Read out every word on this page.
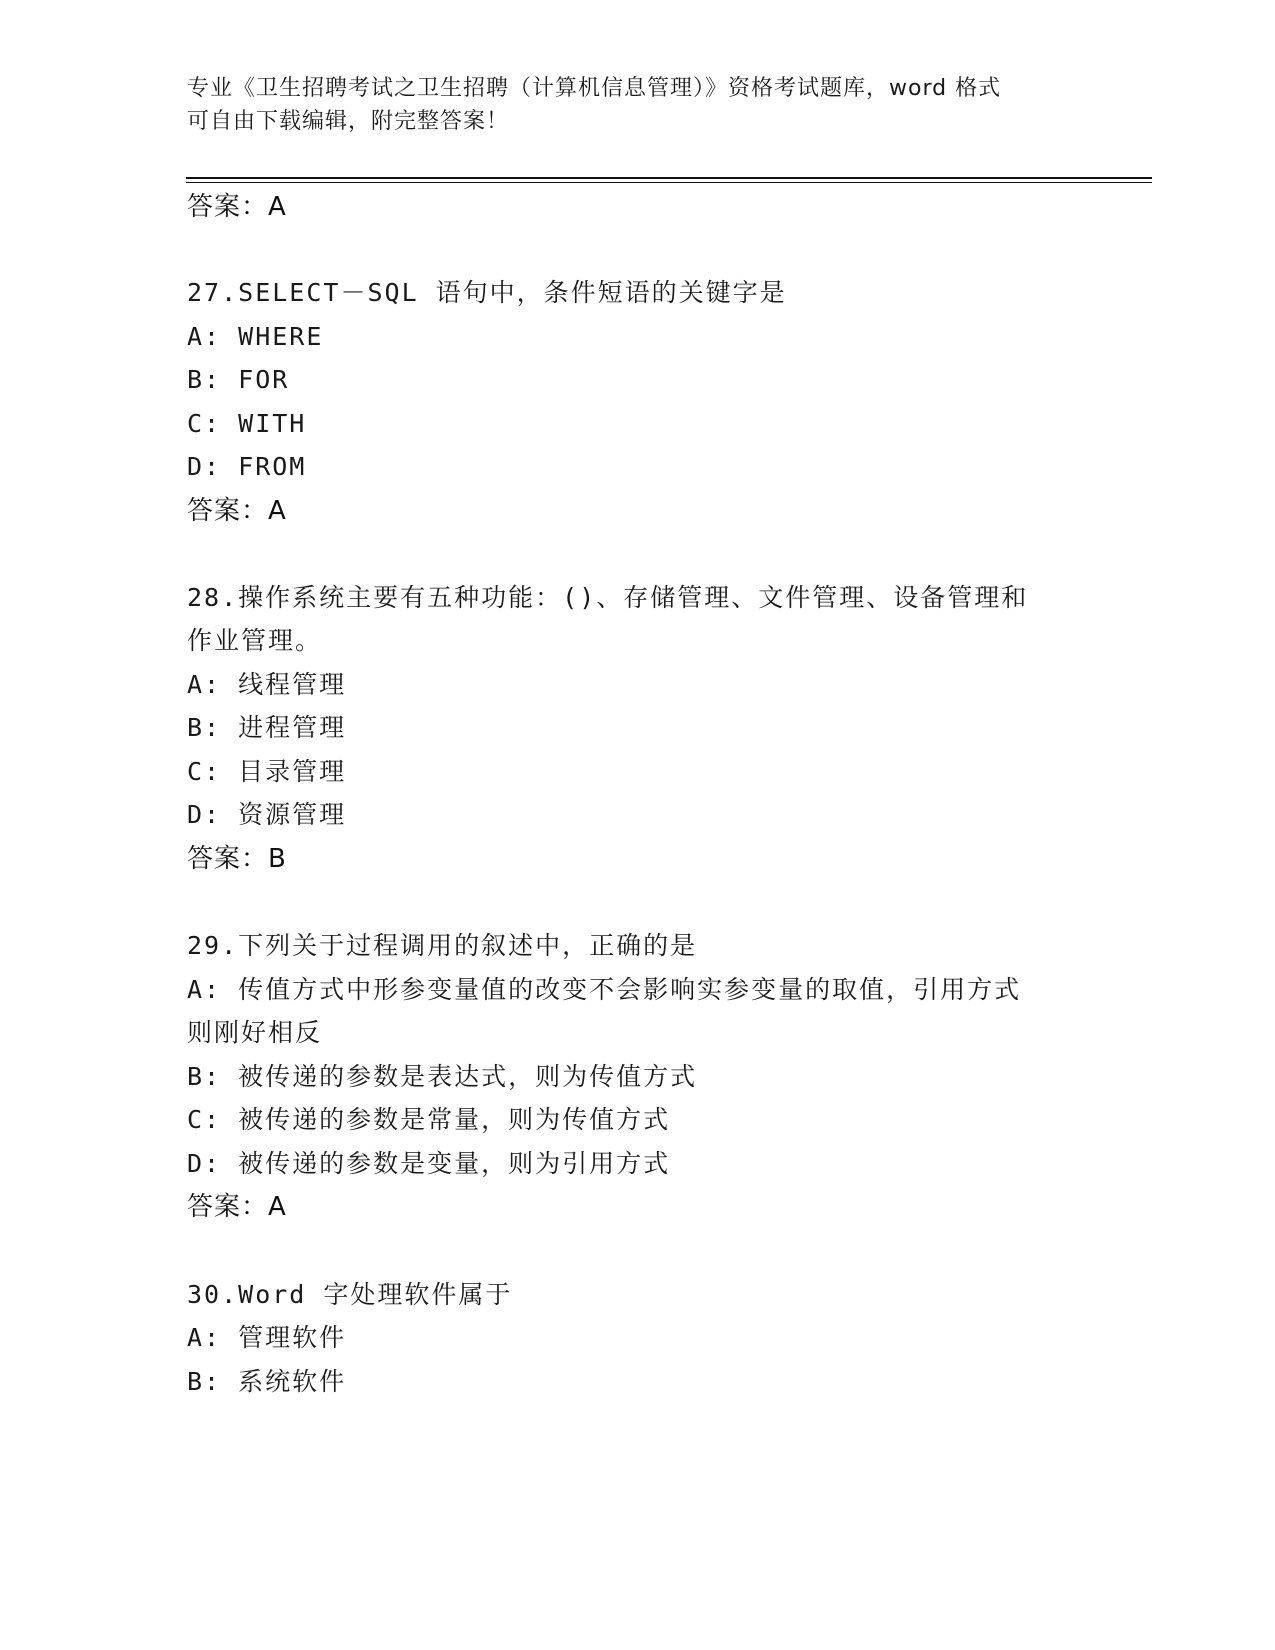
专业《卫生招聘考试之卫生招聘（计算机信息管理）》资格考试题库，word 格式
可自由下载编辑，附完整答案！
答案：A
27.SELECT－SQL 语句中，条件短语的关键字是
A: WHERE
B: FOR
C: WITH
D: FROM
答案：A
28.操作系统主要有五种功能：()、存储管理、文件管理、设备管理和
作业管理。
A: 线程管理
B: 进程管理
C: 目录管理
D: 资源管理
答案：B
29.下列关于过程调用的叙述中，正确的是
A: 传值方式中形参变量值的改变不会影响实参变量的取值，引用方式
则刚好相反
B: 被传递的参数是表达式，则为传值方式
C: 被传递的参数是常量，则为传值方式
D: 被传递的参数是变量，则为引用方式
答案：A
30.Word 字处理软件属于
A: 管理软件
B: 系统软件
